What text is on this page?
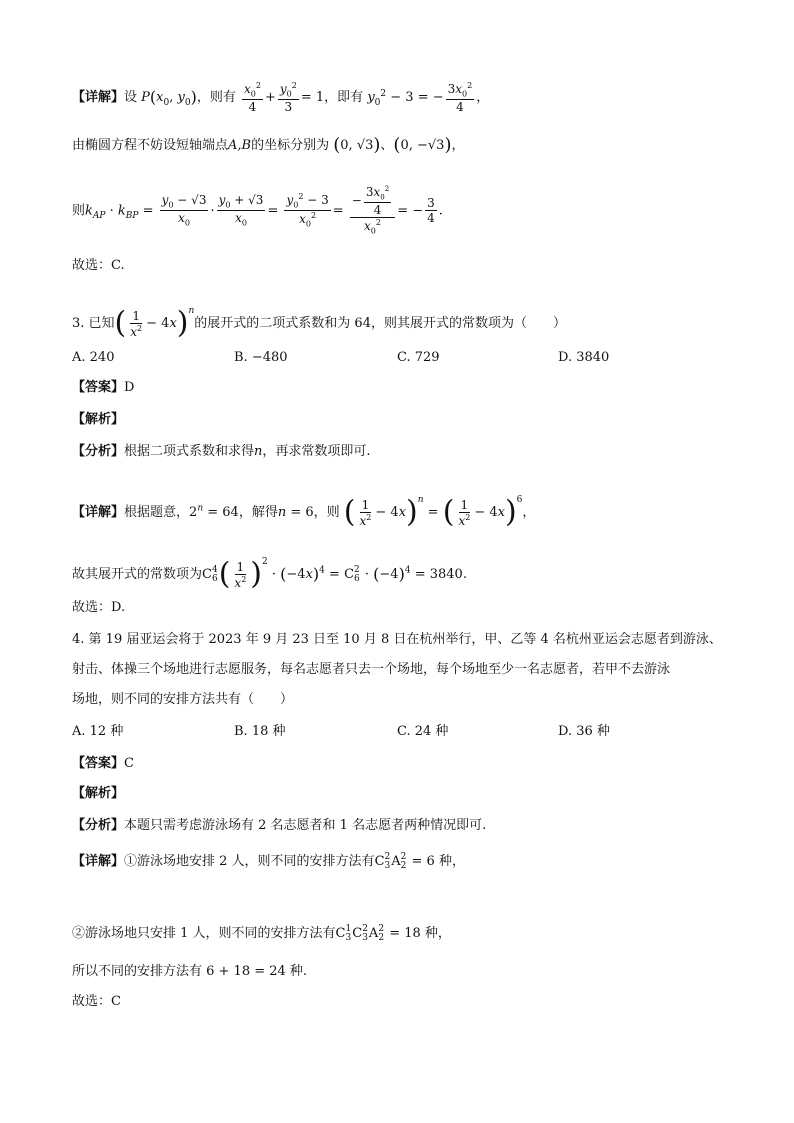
【详解】设 $P(x_0$, $y_0$)，则有 $\frac{x_0^2}{4} + \frac{y_0^2}{3} = 1$，即有 $y_0^2 - 3$ = − $\frac{3x_0^2}{4}$ ，
由椭圆方程不妨设短轴端点A,B的坐标分别为 (0, √3)、(0, −√3)，
则$k_{AP} \cdot k_{BP} = \frac{y_0 - √3}{x_0} \cdot \frac{y_0 + √3}{x_0} = \frac{y_0^2 - 3}{x_0^2} = \frac{- \frac{3x_0^2}{4}}{x_0^2}$ = − $\frac{3}{4}$ .
故选：C.
3. 已知( $\frac{1}{x^2} - 4x)^n$的展开式的二项式系数和为 64，则其展开式的常数项为（　　）
A. 240	B. −480	C. 729	D. 3840
【答案】D
【解析】
【分析】根据二项式系数和求得n，再求常数项即可.
【详解】根据题意，$2^n = 64$，解得n = 6，则 ( $\frac{1}{x^2} - 4x)^n$ = ( $\frac{1}{x^2} - 4x)^6$，
故其展开式的常数项为C 4
6 ( $\frac{1}{x^2} )^2 \cdot (-4x)^4 = C$ 2
$6 \cdot (-4)^4 = 3840$.
故选：D.
4. 第 19 届亚运会将于 2023 年 9 月 23 日至 10 月 8 日在杭州举行，甲、乙等 4 名杭州亚运会志愿者到游泳、
射击、体操三个场地进行志愿服务，每名志愿者只去一个场地，每个场地至少一名志愿者，若甲不去游泳
场地，则不同的安排方法共有（　　）
A. 12 种	B. 18 种	C. 24 种	D. 36 种
【答案】C
【解析】
【分析】本题只需考虑游泳场有 2 名志愿者和 1 名志愿者两种情况即可.
【详解】①游泳场地安排 2 人，则不同的安排方法有C 2
3 A 2
2 = 6 种，
②游泳场地只安排 1 人，则不同的安排方法有C 1
3 C 2
3 A 2
2 = 18 种，
所以不同的安排方法有 6 + 18 = 24 种.
故选：C
